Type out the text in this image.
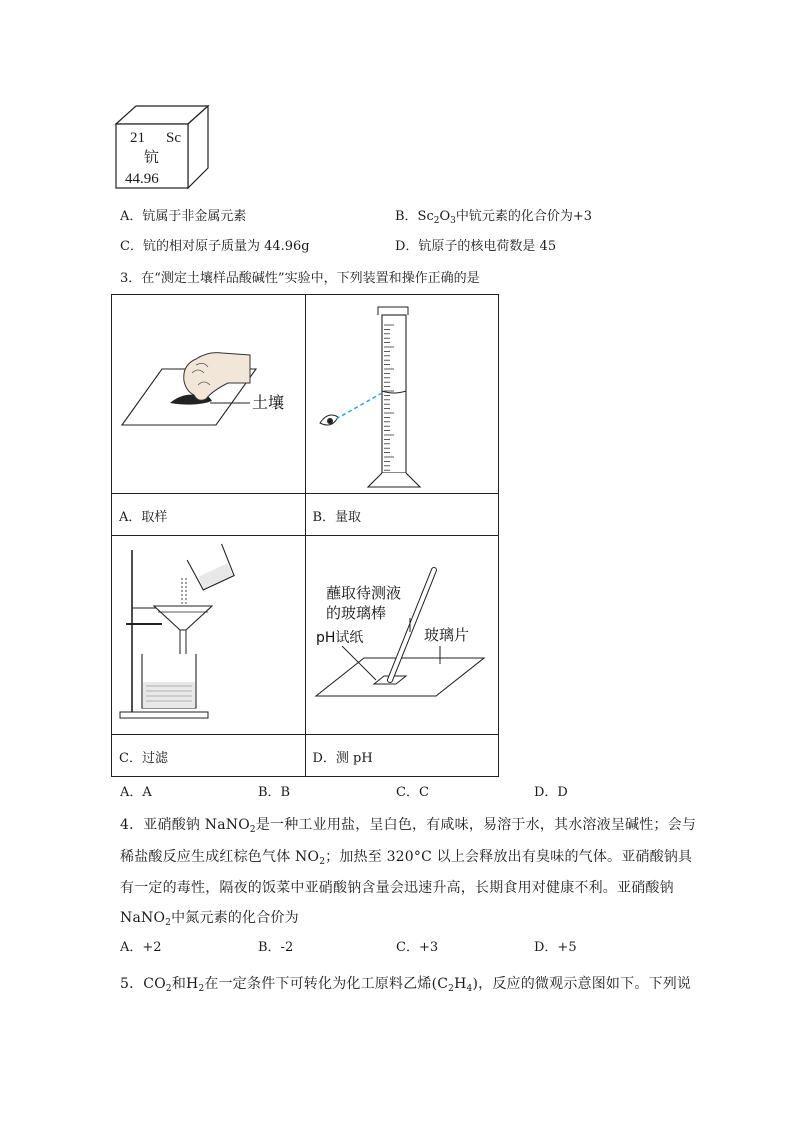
21 Sc
钪
44.96
A．钪属于非金属元素	B．$Sc_2O_3$中钪元素的化合价为+3
C．钪的相对原子质量为 44.96g	D．钪原子的核电荷数是 45
3．在“测定土壤样品酸碱性”实验中，下列装置和操作正确的是
土壤

A．取样	B．量取

蘸取待测液
的玻璃棒
pH试纸 玻璃片

C．过滤	D．测 pH
A．A	B．B	C．C	D．D
4．亚硝酸钠 NaNO$_2$是一种工业用盐，呈白色，有咸味，易溶于水，其水溶液呈碱性；会与
稀盐酸反应生成红棕色气体 $NO_2$；加热至 320°C 以上会释放出有臭味的气体。亚硝酸钠具
有一定的毒性，隔夜的饭菜中亚硝酸钠含量会迅速升高，长期食用对健康不利。亚硝酸钠
NaNO$_2$中氮元素的化合价为
A．+2	B．-2	C．+3	D．+5
5．$CO_2$和$H_2$在一定条件下可转化为化工原料乙烯$(C_2H_4)$，反应的微观示意图如下。下列说
